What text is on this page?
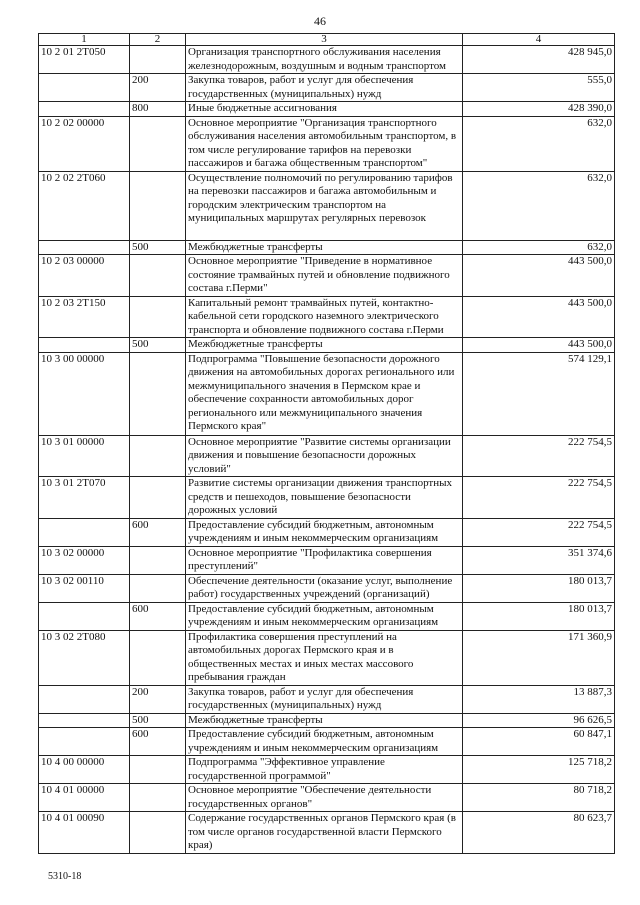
46
1	2	3	4
10 2 01 2T050		Организация транспортного обслуживания населения железнодорожным, воздушным и водным транспортом	428 945,0
	200	Закупка товаров, работ и услуг для обеспечения государственных (муниципальных) нужд	555,0
	800	Иные бюджетные ассигнования	428 390,0
10 2 02 00000		Основное мероприятие "Организация транспортного обслуживания населения автомобильным транспортом, в том числе регулирование тарифов на перевозки пассажиров и багажа общественным транспортом"	632,0
10 2 02 2T060		Осуществление полномочий по регулированию тарифов на перевозки пассажиров и багажа автомобильным и городским электрическим транспортом на муниципальных маршрутах регулярных перевозок	632,0
	500	Межбюджетные трансферты	632,0
10 2 03 00000		Основное мероприятие "Приведение в нормативное состояние трамвайных путей и обновление подвижного состава г.Перми"	443 500,0
10 2 03 2T150		Капитальный ремонт трамвайных путей, контактно-кабельной сети городского наземного электрического транспорта и обновление подвижного состава г.Перми	443 500,0
	500	Межбюджетные трансферты	443 500,0
10 3 00 00000		Подпрограмма "Повышение безопасности дорожного движения на автомобильных дорогах регионального или межмуниципального значения в Пермском крае и обеспечение сохранности автомобильных дорог регионального или межмуниципального значения Пермского края"	574 129,1
10 3 01 00000		Основное мероприятие "Развитие системы организации движения и повышение безопасности дорожных условий"	222 754,5
10 3 01 2T070		Развитие системы организации движения транспортных средств и пешеходов, повышение безопасности дорожных условий	222 754,5
	600	Предоставление субсидий бюджетным, автономным учреждениям и иным некоммерческим организациям	222 754,5
10 3 02 00000		Основное мероприятие "Профилактика совершения преступлений"	351 374,6
10 3 02 00110		Обеспечение деятельности (оказание услуг, выполнение работ) государственных учреждений (организаций)	180 013,7
	600	Предоставление субсидий бюджетным, автономным учреждениям и иным некоммерческим организациям	180 013,7
10 3 02 2T080		Профилактика совершения преступлений на автомобильных дорогах Пермского края и в общественных местах и иных местах массового пребывания граждан	171 360,9
	200	Закупка товаров, работ и услуг для обеспечения государственных (муниципальных) нужд	13 887,3
	500	Межбюджетные трансферты	96 626,5
	600	Предоставление субсидий бюджетным, автономным учреждениям и иным некоммерческим организациям	60 847,1
10 4 00 00000		Подпрограмма "Эффективное управление государственной программой"	125 718,2
10 4 01 00000		Основное мероприятие "Обеспечение деятельности государственных органов"	80 718,2
10 4 01 00090		Содержание государственных органов Пермского края (в том числе органов государственной власти Пермского края)	80 623,7
5310-18
